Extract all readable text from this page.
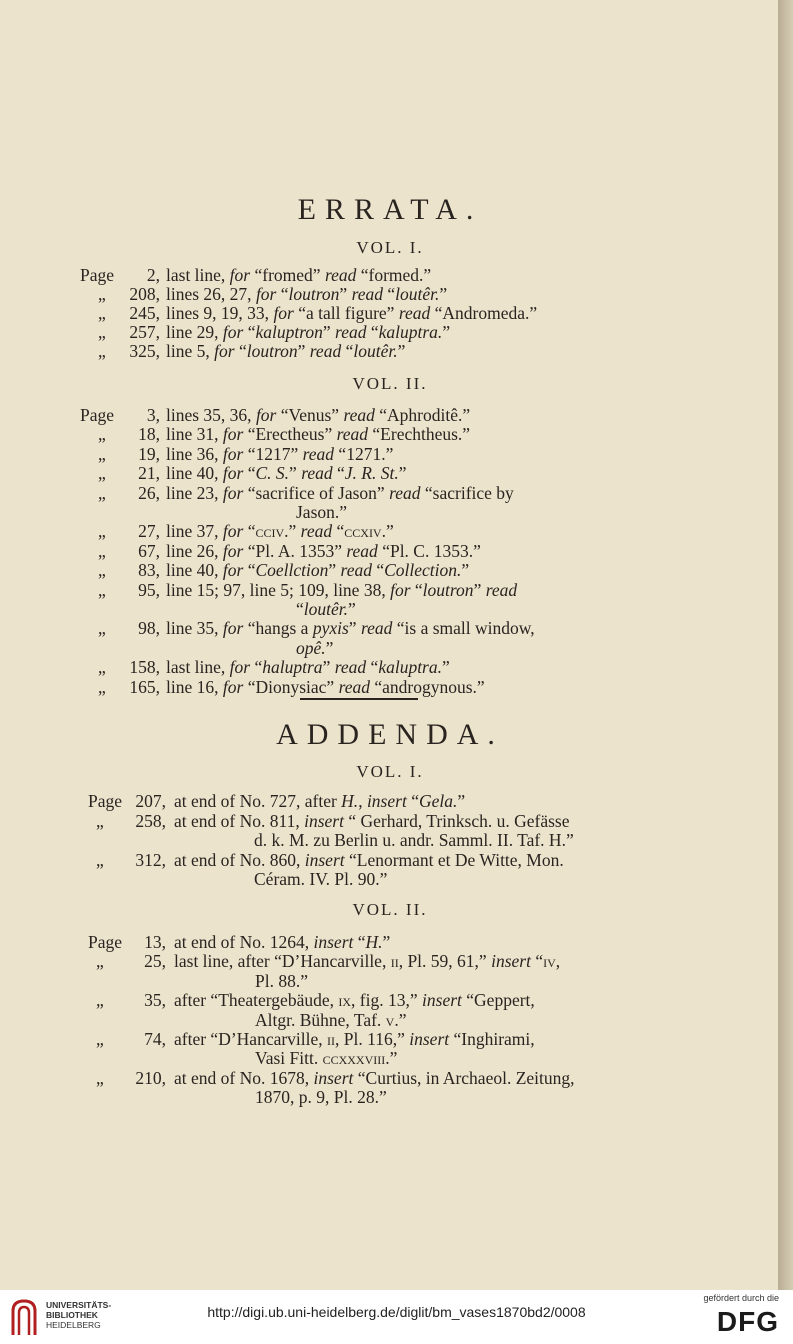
ERRATA.
VOL. I.
Page	2, last line, for “fromed” read “formed.”
„	208, lines 26, 27, for “loutron” read “loutêr.”
„	245, lines 9, 19, 33, for “a tall figure” read “Andromeda.”
„	257, line 29, for “kaluptron” read “kaluptra.”
„	325, line 5, for “loutron” read “loutêr.”
VOL. II.
Page	3, lines 35, 36, for “Venus” read “Aphroditê.”
„	18, line 31, for “Erectheus” read “Erechtheus.”
„	19, line 36, for “1217” read “1271.”
„	21, line 40, for “C. S.” read “J. R. St.”
„	26, line 23, for “sacrifice of Jason” read “sacrifice by
Jason.”
„	27, line 37, for “cciv.” read “ccxiv.”
„	67, line 26, for “Pl. A. 1353” read “Pl. C. 1353.”
„	83, line 40, for “Coellction” read “Collection.”
„	95, line 15; 97, line 5; 109, line 38, for “loutron” read
“loutêr.”
„	98, line 35, for “hangs a pyxis” read “is a small window,
opê.”
„	158, last line, for “haluptra” read “kaluptra.”
„	165, line 16, for “Dionysiac” read “androgynous.”
ADDENDA.
VOL. I.
Page 207, at end of No. 727, after H., insert “Gela.”
„	258, at end of No. 811, insert “ Gerhard, Trinksch. u. Gefässe
d. k. M. zu Berlin u. andr. Samml. II. Taf. H.”
„	312, at end of No. 860, insert “Lenormant et De Witte, Mon.
Céram. IV. Pl. 90.”
VOL. II.
Page	13, at end of No. 1264, insert “H.”
„	25, last line, after “D’Hancarville, ii, Pl. 59, 61,” insert “iv,
Pl. 88.”
„	35, after “Theatergebäude, ix, fig. 13,” insert “Geppert,
Altgr. Bühne, Taf. v.”
„	74, after “D’Hancarville, ii, Pl. 116,” insert “Inghirami,
Vasi Fitt. ccxxxviii.”
„	210, at end of No. 1678, insert “Curtius, in Archaeol. Zeitung,
1870, p. 9, Pl. 28.”
UNIVERSITÄTS-
BIBLIOTHEK
HEIDELBERG
http://digi.ub.uni-heidelberg.de/diglit/bm_vases1870bd2/0008
gefördert durch die
DFG
